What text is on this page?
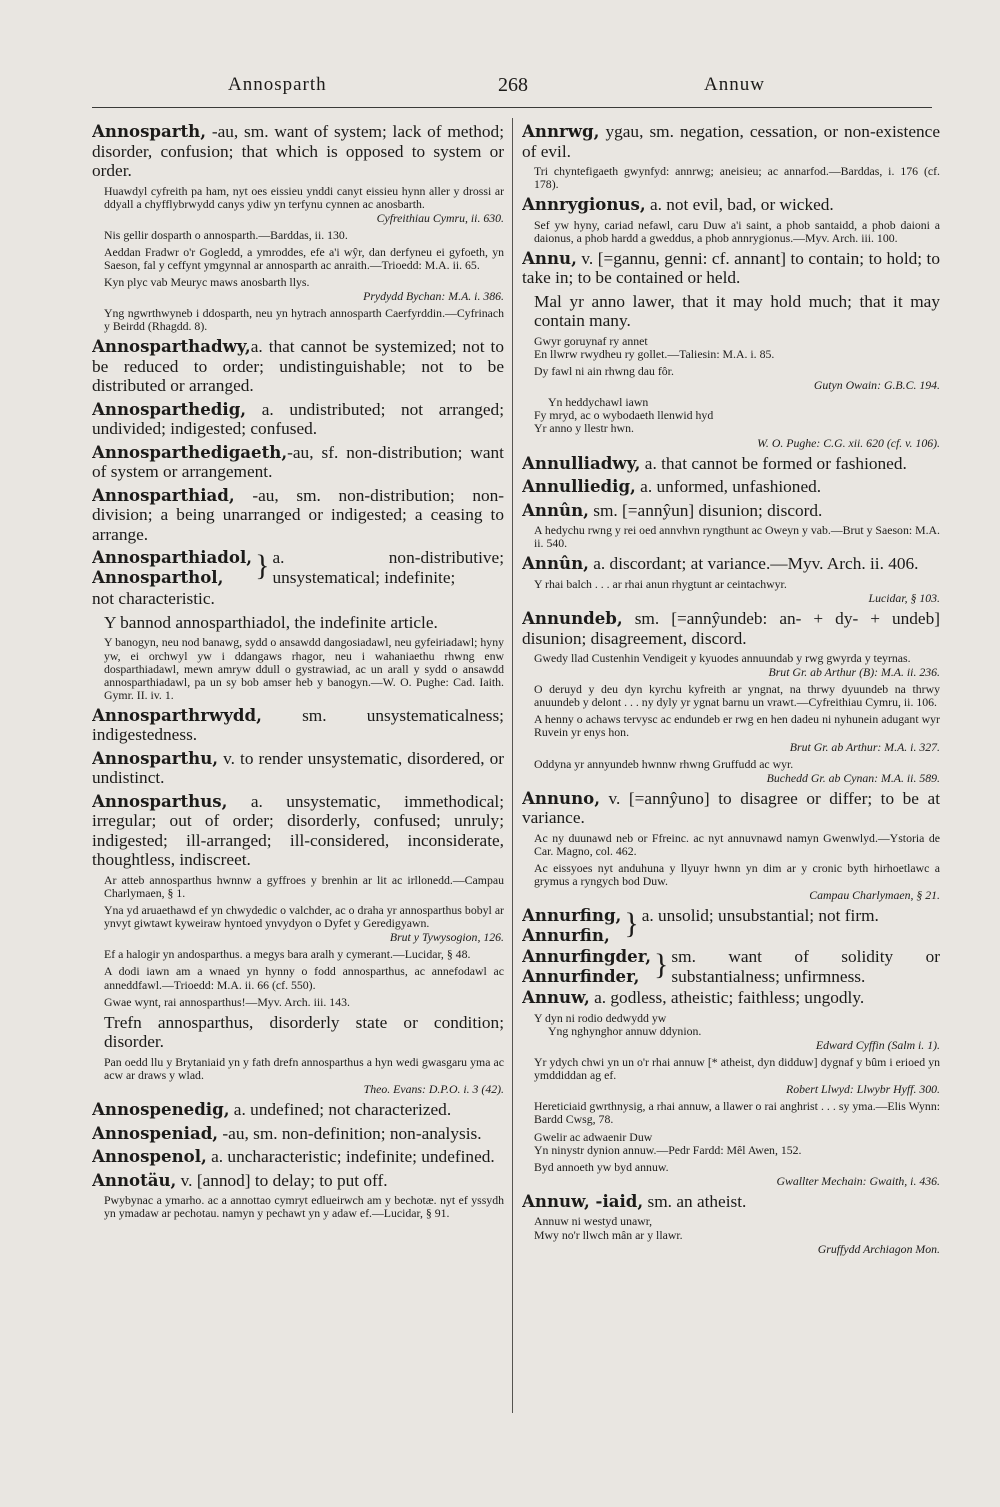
Annosparth	268	Annuw

Annosparth, -au, sm. want of system; lack of method; disorder, confusion; that which is opposed to system or order.

Huawdyl cyfreith pa ham, nyt oes eissieu ynddi canyt eissieu hynn aller y drossi ar ddyall a chyfflybrwydd canys ydiw yn terfynu cynnen ac anosbarth.

Cyfreithiau Cymru, ii. 630.

Nis gellir dosparth o annosparth.—Barddas, ii. 130.

Aeddan Fradwr o'r Gogledd, a ymroddes, efe a'i wŷr, dan derfyneu ei gyfoeth, yn Saeson, fal y ceffynt ymgynnal ar annosparth ac anraith.—Trioedd: M.A. ii. 65.

Kyn plyc vab Meuryc maws anosbarth llys.

Prydydd Bychan: M.A. i. 386.

Yng ngwrthwyneb i ddosparth, neu yn hytrach annosparth Caerfyrddin.—Cyfrinach y Beirdd (Rhagdd. 8).

Annosparthadwy,a. that cannot be systemized; not to be reduced to order; undistinguishable; not to be distributed or arranged.

Annosparthedig, a. undistributed; not arranged; undivided; indigested; confused.

Annosparthedigaeth,-au, sf. non-distribution; want of system or arrangement.

Annosparthiad, -au, sm. non-distribution; non-division; a being unarranged or indigested; a ceasing to arrange.

Annosparthiadol,
Annosparthol,	} a. non-distributive; unsystematical; indefinite;

not characteristic.

Y bannod annosparthiadol, the indefinite article.

Y banogyn, neu nod banawg, sydd o ansawdd dangosiadawl, neu gyfeiriadawl; hyny yw, ei orchwyl yw i ddangaws rhagor, neu i wahaniaethu rhwng enw dosparthiadawl, mewn amryw ddull o gystrawiad, ac un arall y sydd o ansawdd annosparthiadawl, pa un sy bob amser heb y banogyn.—W. O. Pughe: Cad. Iaith. Gymr. II. iv. 1.

Annosparthrwydd, sm. unsystematicalness; indigestedness.

Annosparthu, v. to render unsystematic, disordered, or undistinct.

Annosparthus, a. unsystematic, immethodical; irregular; out of order; disorderly, confused; unruly; indigested; ill-arranged; ill-considered, inconsiderate, thoughtless, indiscreet.

Ar atteb annosparthus hwnnw a gyffroes y brenhin ar lit ac irllonedd.—Campau Charlymaen, § 1.

Yna yd aruaethawd ef yn chwydedic o valchder, ac o draha yr annosparthus bobyl ar ynvyt giwtawt kyweiraw hyntoed ynvydyon o Dyfet y Geredigyawn.

Brut y Tywysogion, 126.

Ef a halogir yn andosparthus. a megys bara aralh y cymerant.—Lucidar, § 48.

A dodi iawn am a wnaed yn hynny o fodd annosparthus, ac annefodawl ac anneddfawl.—Trioedd: M.A. ii. 66 (cf. 550).

Gwae wynt, rai annosparthus!—Myv. Arch. iii. 143.

Trefn annosparthus, disorderly state or condition; disorder.

Pan oedd llu y Brytaniaid yn y fath drefn annosparthus a hyn wedi gwasgaru yma ac acw ar draws y wlad.

Theo. Evans: D.P.O. i. 3 (42).

Annospenedig, a. undefined; not characterized.

Annospeniad, -au, sm. non-definition; non-analysis.

Annospenol, a. uncharacteristic; indefinite; undefined.

Annotäu, v. [annod] to delay; to put off.

Pwybynac a ymarho. ac a annottao cymryt edlueirwch am y bechotæ. nyt ef yssydh yn ymadaw ar pechotau. namyn y pechawt yn y adaw ef.—Lucidar, § 91.

Annrwg, ygau, sm. negation, cessation, or non-existence of evil.

Tri chyntefigaeth gwynfyd: annrwg; aneisieu; ac annarfod.—Barddas, i. 176 (cf. 178).

Annrygionus, a. not evil, bad, or wicked.

Sef yw hyny, cariad nefawl, caru Duw a'i saint, a phob santaidd, a phob daioni a daionus, a phob hardd a gweddus, a phob annrygionus.—Myv. Arch. iii. 100.

Annu, v. [=gannu, genni: cf. annant] to contain; to hold; to take in; to be contained or held.

Mal yr anno lawer, that it may hold much; that it may contain many.

Gwyr goruynaf ry annet
En llwrw rwydheu ry gollet.—Taliesin: M.A. i. 85.

Dy fawl ni ain rhwng dau fôr.

Gutyn Owain: G.B.C. 194.

Yn heddychawl iawn
Fy mryd, ac o wybodaeth llenwid hyd
Yr anno y llestr hwn.

W. O. Pughe: C.G. xii. 620 (cf. v. 106).

Annulliadwy, a. that cannot be formed or fashioned.

Annulliedig, a. unformed, unfashioned.

Annûn, sm. [=annŷun] disunion; discord.

A hedychu rwng y rei oed annvhvn ryngthunt ac Oweyn y vab.—Brut y Saeson: M.A. ii. 540.

Annûn, a. discordant; at variance.—Myv. Arch. ii. 406.

Y rhai balch . . . ar rhai anun rhygtunt ar ceintachwyr.

Lucidar, § 103.

Annundeb, sm. [=annŷundeb: an- + dy- + undeb] disunion; disagreement, discord.

Gwedy llad Custenhin Vendigeit y kyuodes annuundab y rwg gwyrda y teyrnas.

Brut Gr. ab Arthur (B): M.A. ii. 236.

O deruyd y deu dyn kyrchu kyfreith ar yngnat, na thrwy dyuundeb na thrwy anuundeb y delont . . . ny dyly yr ygnat barnu un vrawt.—Cyfreithiau Cymru, ii. 106.

A henny o achaws tervysc ac endundeb er rwg en hen dadeu ni nyhunein adugant wyr Ruvein yr enys hon.

Brut Gr. ab Arthur: M.A. i. 327.

Oddyna yr annyundeb hwnnw rhwng Gruffudd ac wyr.

Buchedd Gr. ab Cynan: M.A. ii. 589.

Annuno, v. [=annŷuno] to disagree or differ; to be at variance.

Ac ny duunawd neb or Ffreinc. ac nyt annuvnawd namyn Gwenwlyd.—Ystoria de Car. Magno, col. 462.

Ac eissyoes nyt anduhuna y llyuyr hwnn yn dim ar y cronic byth hirhoetlawc a grymus a ryngych bod Duw.

Campau Charlymaen, § 21.

Annurfing,
Annurfin, } a. unsolid; unsubstantial; not firm.
Annurfingder,
Annurfinder, } sm. want of solidity or substantialness; unfirmness.

Annuw, a. godless, atheistic; faithless; ungodly.

Y dyn ni rodio dedwydd yw
Yng nghynghor annuw ddynion.

Edward Cyffin (Salm i. 1).

Yr ydych chwi yn un o'r rhai annuw [* atheist, dyn didduw] dygnaf y bûm i erioed yn ymddiddan ag ef.

Robert Llwyd: Llwybr Hyff. 300.

Hereticiaid gwrthnysig, a rhai annuw, a llawer o rai anghrist . . . sy yma.—Elis Wynn: Bardd Cwsg, 78.

Gwelir ac adwaenir Duw
Yn ninystr dynion annuw.—Pedr Fardd: Mêl Awen, 152.

Byd annoeth yw byd annuw.

Gwallter Mechain: Gwaith, i. 436.

Annuw, -iaid, sm. an atheist.

Annuw ni westyd unawr,
Mwy no'r llwch mân ar y llawr.

Gruffydd Archiagon Mon.
